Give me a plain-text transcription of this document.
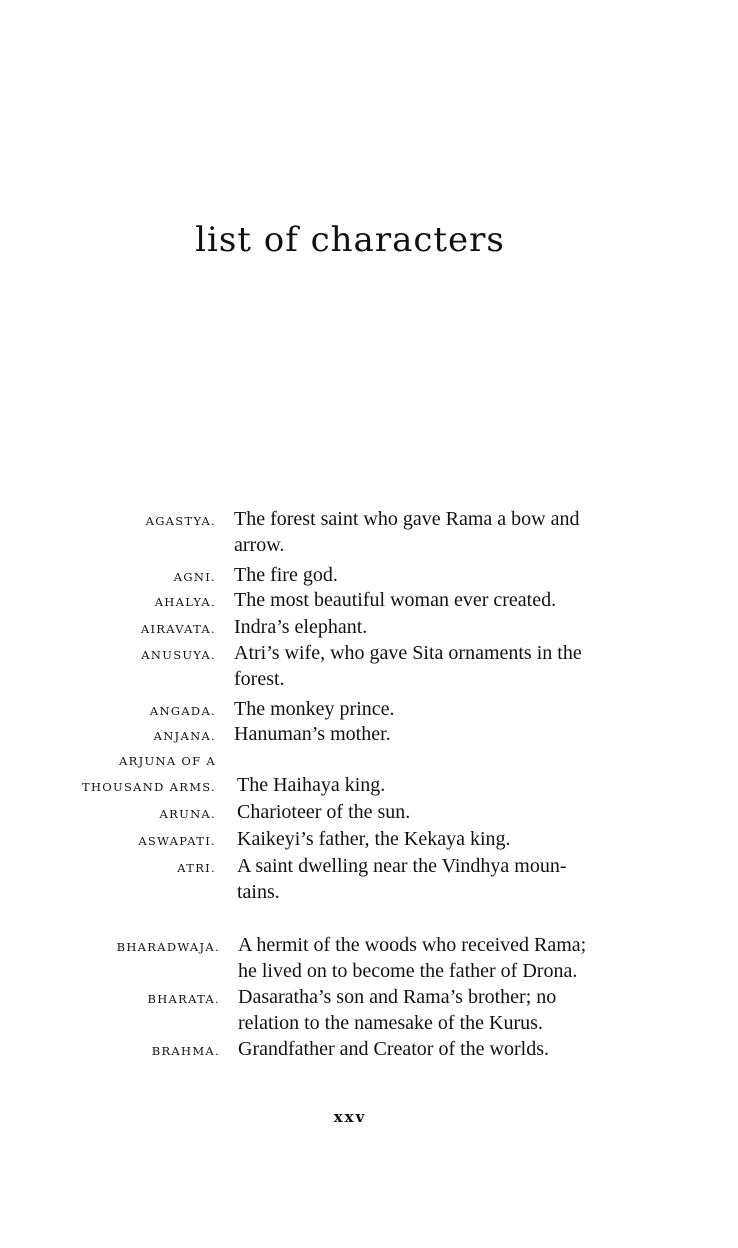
list of characters
AGASTYA. The forest saint who gave Rama a bow and
arrow.
AGNI. The fire god.
AHALYA. The most beautiful woman ever created.
AIRAVATA. Indra’s elephant.
ANUSUYA. Atri’s wife, who gave Sita ornaments in the
forest.
ANGADA. The monkey prince.
ANJANA. Hanuman’s mother.
ARJUNA OF A
THOUSAND ARMS. The Haihaya king.
ARUNA. Charioteer of the sun.
ASWAPATI. Kaikeyi’s father, the Kekaya king.
ATRI. A saint dwelling near the Vindhya moun-
tains.
BHARADWAJA. A hermit of the woods who received Rama;
he lived on to become the father of Drona.
BHARATA. Dasaratha’s son and Rama’s brother; no
relation to the namesake of the Kurus.
BRAHMA. Grandfather and Creator of the worlds.
xxv
